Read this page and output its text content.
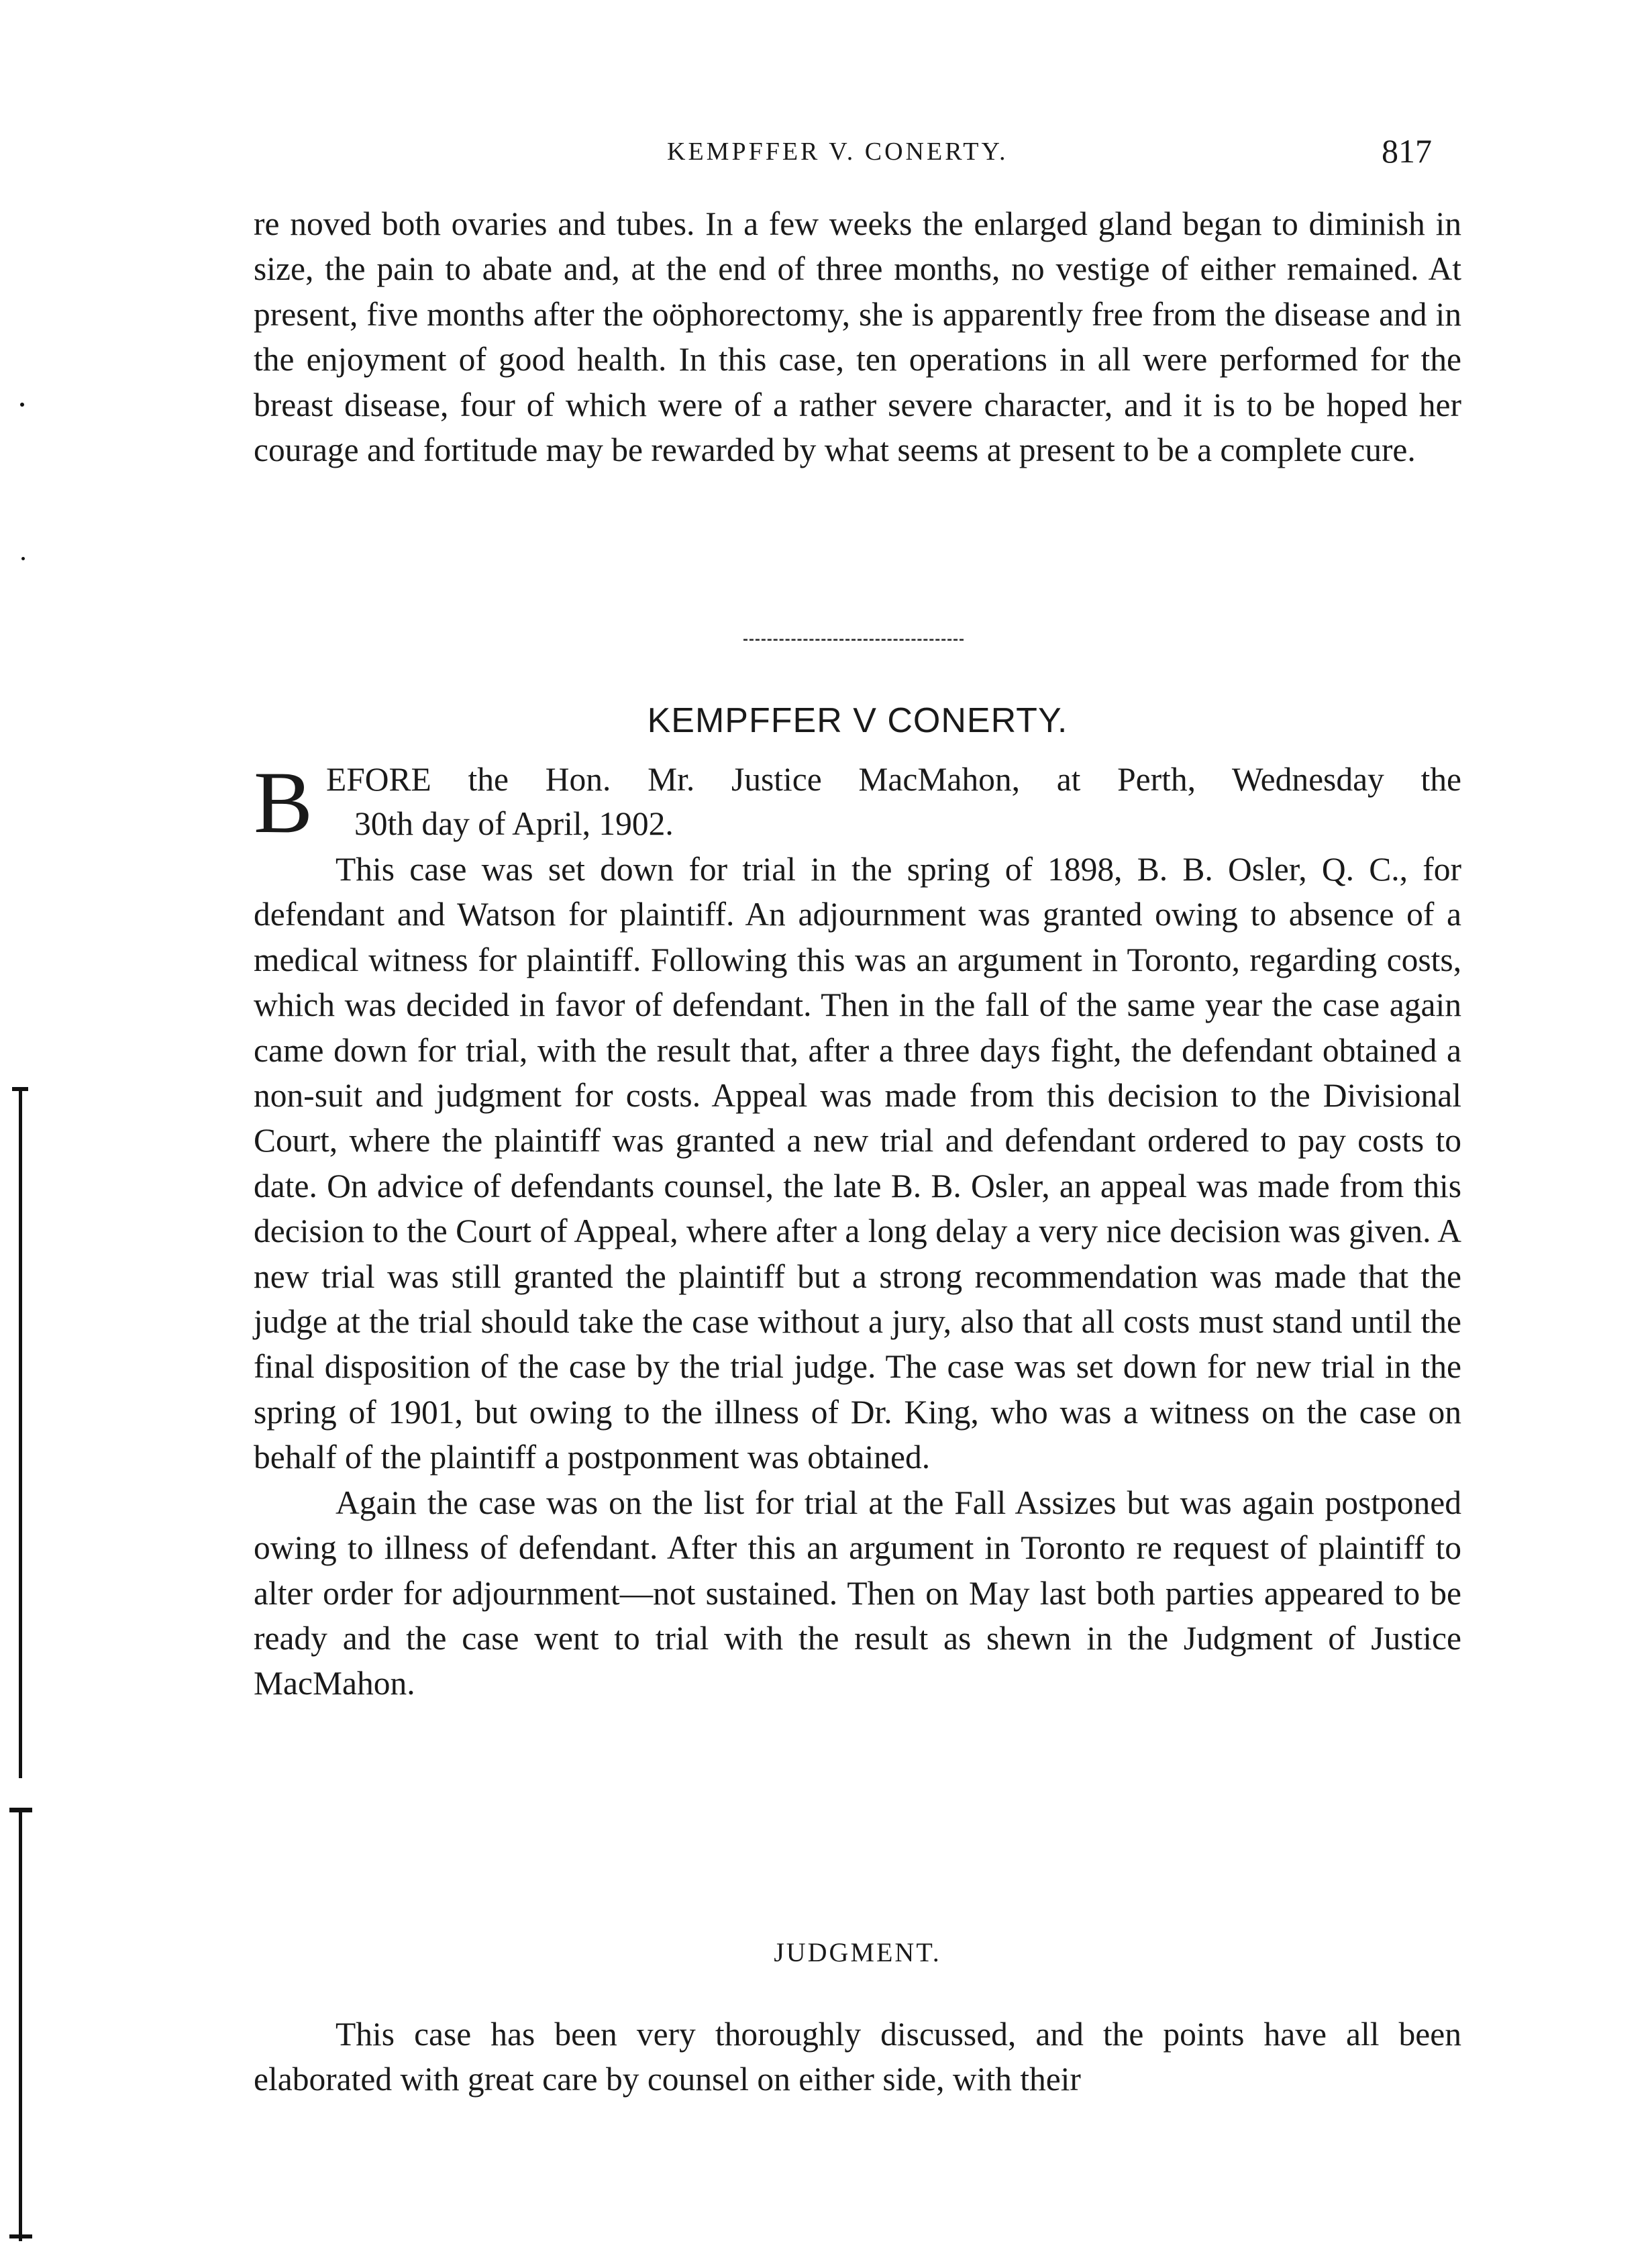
KEMPFFER V. CONERTY.	817

re noved both ovaries and tubes. In a few weeks the enlarged gland began to diminish in size, the pain to abate and, at the end of three months, no vestige of either remained. At present, five months after the oöphorectomy, she is apparently free from the disease and in the enjoyment of good health. In this case, ten operations in all were performed for the breast disease, four of which were of a rather severe character, and it is to be hoped her courage and fortitude may be rewarded by what seems at present to be a complete cure.

KEMPFFER V CONERTY.
B EFORE the Hon. Mr. Justice MacMahon, at Perth, Wednesday the
30th day of April, 1902.

This case was set down for trial in the spring of 1898, B. B. Osler, Q. C., for defendant and Watson for plaintiff. An adjournment was granted owing to absence of a medical witness for plaintiff. Following this was an argument in Toronto, regarding costs, which was decided in favor of defendant. Then in the fall of the same year the case again came down for trial, with the result that, after a three days fight, the defendant obtained a non-suit and judgment for costs. Appeal was made from this decision to the Divisional Court, where the plaintiff was granted a new trial and defendant ordered to pay costs to date. On advice of defendants counsel, the late B. B. Osler, an appeal was made from this decision to the Court of Appeal, where after a long delay a very nice decision was given. A new trial was still granted the plaintiff but a strong recommendation was made that the judge at the trial should take the case without a jury, also that all costs must stand until the final disposition of the case by the trial judge. The case was set down for new trial in the spring of 1901, but owing to the illness of Dr. King, who was a witness on the case on behalf of the plaintiff a postponment was obtained.

Again the case was on the list for trial at the Fall Assizes but was again postponed owing to illness of defendant. After this an argument in Toronto re request of plaintiff to alter order for adjournment—not sustained. Then on May last both parties appeared to be ready and the case went to trial with the result as shewn in the Judgment of Justice MacMahon.

JUDGMENT.

This case has been very thoroughly discussed, and the points have all been elaborated with great care by counsel on either side, with their
